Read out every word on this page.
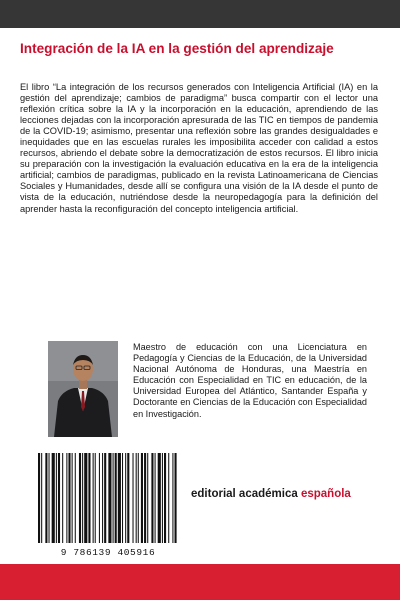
Integración de la IA en la gestión del aprendizaje

El libro “La integración de los recursos generados con Inteligencia Artificial (IA) en la gestión del aprendizaje; cambios de paradigma” busca compartir con el lector una reflexión crítica sobre la IA y la incorporación en la educación, aprendiendo de las lecciones dejadas con la incorporación apresurada de las TIC en tiempos de pandemia de la COVID-19; asimismo, presentar una reflexión sobre las grandes desigualdades e inequidades que en las escuelas rurales les imposibilita acceder con calidad a estos recursos, abriendo el debate sobre la democratización de estos recursos. El libro inicia su preparación con la investigación la evaluación educativa en la era de la inteligencia artificial; cambios de paradigmas, publicado en la revista Latinoamericana de Ciencias Sociales y Humanidades, desde allí se configura una visión de la IA desde el punto de vista de la educación, nutriéndose desde la neuropedagogía para la definición del aprender hasta la reconfiguración del concepto inteligencia artificial.

Maestro de educación con una Licenciatura en Pedagogía y Ciencias de la Educación, de la Universidad Nacional Autónoma de Honduras, una Maestría en Educación con Especialidad en TIC en educación, de la Universidad Europea del Atlántico, Santander España y Doctorante en Ciencias de la Educación con Especialidad en Investigación.

9 786139 405916

editorial académica española
